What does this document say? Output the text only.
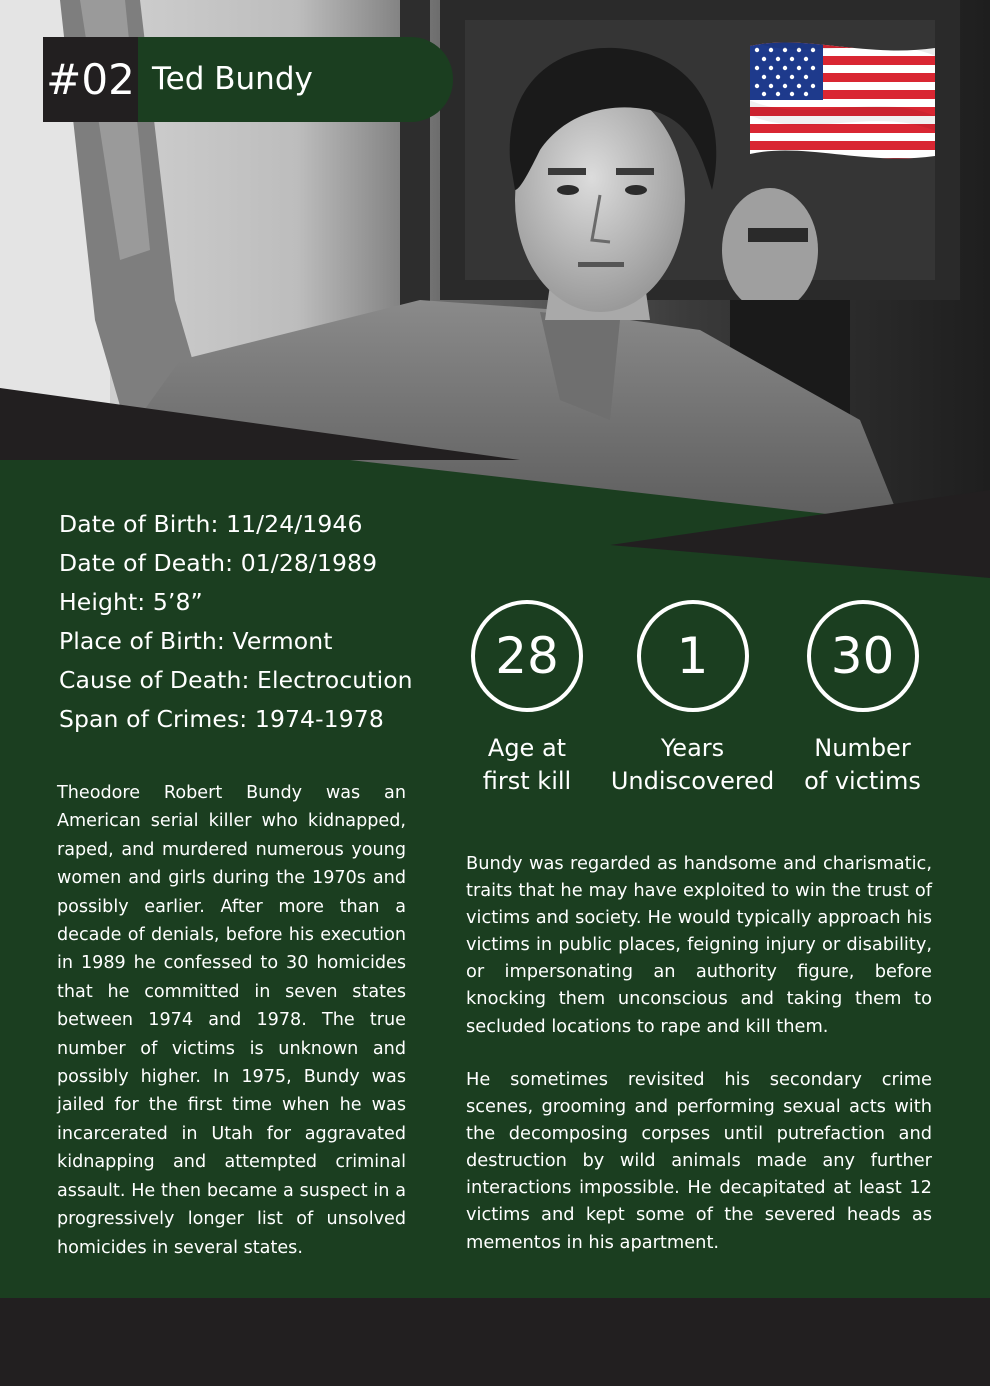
#02 Ted Bundy
Date of Birth: 11/24/1946
Date of Death: 01/28/1989
Height: 5’8”
Place of Birth: Vermont
Cause of Death: Electrocution
Span of Crimes: 1974-1978
28
Age at
first kill
1
Years
Undiscovered
30
Number
of victims

Theodore Robert Bundy was an American serial killer who kidnapped, raped, and murdered numerous young women and girls during the 1970s and possibly earlier. After more than a decade of denials, before his execution in 1989 he confessed to 30 homicides that he committed in seven states between 1974 and 1978. The true number of victims is unknown and possibly higher. In 1975, Bundy was jailed for the first time when he was incarcerated in Utah for aggravated kidnapping and attempted criminal assault. He then became a suspect in a progressively longer list of unsolved homicides in several states.

Bundy was regarded as handsome and charismatic, traits that he may have exploited to win the trust of victims and society. He would typically approach his victims in public places, feigning injury or disability, or impersonating an authority figure, before knocking them unconscious and taking them to secluded locations to rape and kill them.

He sometimes revisited his secondary crime scenes, grooming and performing sexual acts with the decomposing corpses until putrefaction and destruction by wild animals made any further interactions impossible. He decapitated at least 12 victims and kept some of the severed heads as mementos in his apartment.
